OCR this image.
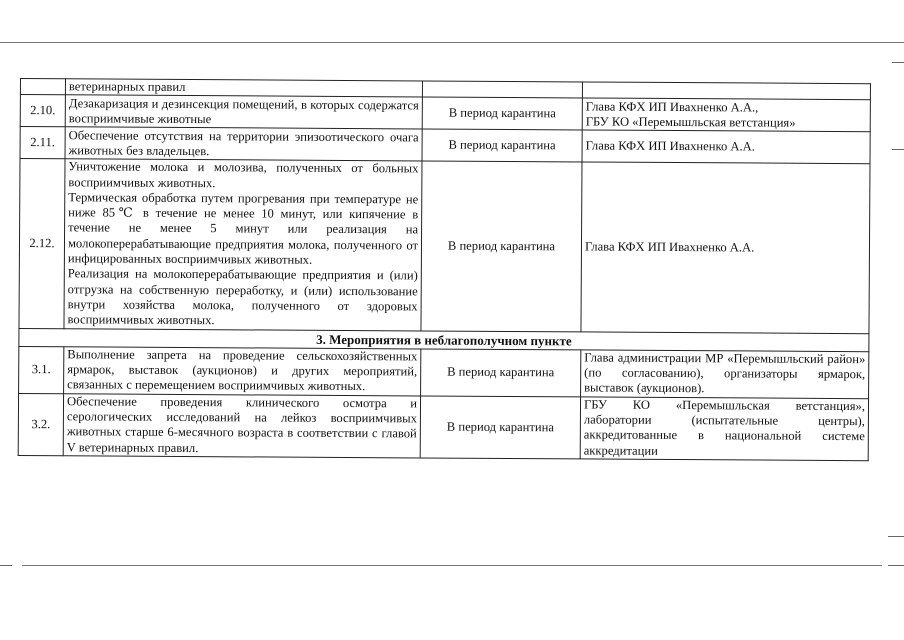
	ветеринарных правил		
2.10.	Дезакаризация и дезинсекция помещений, в которых содержатся восприимчивые животные	В период карантина	Глава КФХ ИП Ивахненко А.А.,
ГБУ КО «Перемышльская ветстанция»

2.11.	Обеспечение отсутствия на территории эпизоотического очага животных без владельцев.	В период карантина	Глава КФХ ИП Ивахненко А.А.
2.12.	Уничтожение молока и молозива, полученных от больных восприимчивых животных.
Термическая обработка путем прогревания при температуре не ниже 85℃ в течение не менее 10 минут, или кипячение в течение не менее 5 минут или реализация на молокоперерабатывающие предприятия молока, полученного от инфицированных восприимчивых животных.
Реализация на молокоперерабатывающие предприятия и (или) отгрузка на собственную переработку, и (или) использование внутри хозяйства молока, полученного от здоровых восприимчивых животных.	В период карантина	Глава КФХ ИП Ивахненко А.А.
3. Мероприятия в неблагополучном пункте			
3.1.	Выполнение запрета на проведение сельскохозяйственных ярмарок, выставок (аукционов) и других мероприятий, связанных с перемещением восприимчивых животных.	В период карантина	Глава администрации МР «Перемышльский район» (по согласованию), организаторы ярмарок, выставок (аукционов).
3.2.	Обеспечение проведения клинического осмотра и серологических исследований на лейкоз восприимчивых животных старше 6-месячного возраста в соответствии с главой V ветеринарных правил.	В период карантина	ГБУ КО «Перемышльская ветстанция», лаборатории (испытательные центры), аккредитованные в национальной системе аккредитации
